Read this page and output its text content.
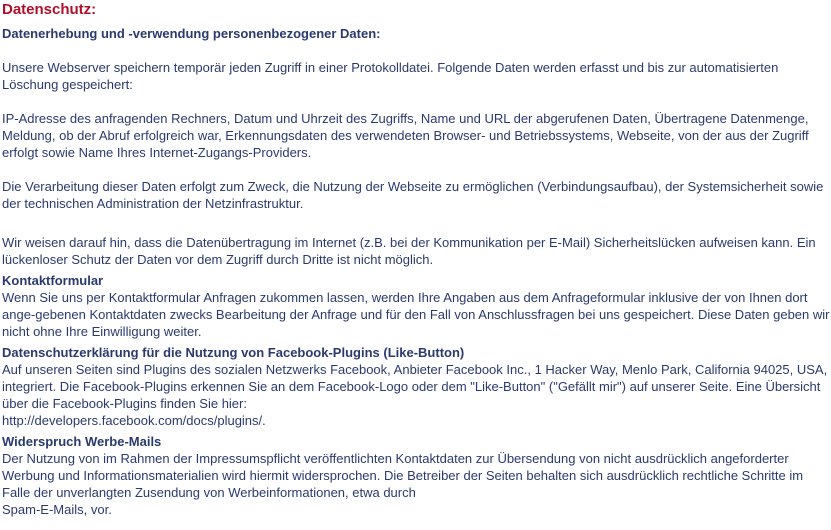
Datenschutz:

Datenerhebung und -verwendung personenbezogener Daten:

Unsere Webserver speichern temporär jeden Zugriff in einer Protokolldatei. Folgende Daten werden erfasst und bis zur automatisierten Löschung gespeichert:

IP-Adresse des anfragenden Rechners, Datum und Uhrzeit des Zugriffs, Name und URL der abgerufenen Daten, Übertragene Datenmenge, Meldung, ob der Abruf erfolgreich war, Erkennungsdaten des verwendeten Browser- und Betriebssystems, Webseite, von der aus der Zugriff erfolgt sowie Name Ihres Internet-Zugangs-Providers.

Die Verarbeitung dieser Daten erfolgt zum Zweck, die Nutzung der Webseite zu ermöglichen (Verbindungsaufbau), der Systemsicherheit sowie der technischen Administration der Netzinfrastruktur.

Wir weisen darauf hin, dass die Datenübertragung im Internet (z.B. bei der Kommunikation per E-Mail) Sicherheitslücken aufweisen kann. Ein lückenloser Schutz der Daten vor dem Zugriff durch Dritte ist nicht möglich.

Kontaktformular

Wenn Sie uns per Kontaktformular Anfragen zukommen lassen, werden Ihre Angaben aus dem Anfrageformular inklusive der von Ihnen dort ange-gebenen Kontaktdaten zwecks Bearbeitung der Anfrage und für den Fall von Anschlussfragen bei uns gespeichert. Diese Daten geben wir nicht ohne Ihre Einwilligung weiter.

Datenschutzerklärung für die Nutzung von Facebook-Plugins (Like-Button)

Auf unseren Seiten sind Plugins des sozialen Netzwerks Facebook, Anbieter Facebook Inc., 1 Hacker Way, Menlo Park, California 94025, USA, integriert. Die Facebook-Plugins erkennen Sie an dem Facebook-Logo oder dem "Like-Button" ("Gefällt mir") auf unserer Seite. Eine Übersicht über die Facebook-Plugins finden Sie hier:

http://developers.facebook.com/docs/plugins/.

Widerspruch Werbe-Mails

Der Nutzung von im Rahmen der Impressumspflicht veröffentlichten Kontaktdaten zur Übersendung von nicht ausdrücklich angeforderter Werbung und Informationsmaterialien wird hiermit widersprochen. Die Betreiber der Seiten behalten sich ausdrücklich rechtliche Schritte im Falle der unverlangten Zusendung von Werbeinformationen, etwa durch

Spam-E-Mails, vor.
